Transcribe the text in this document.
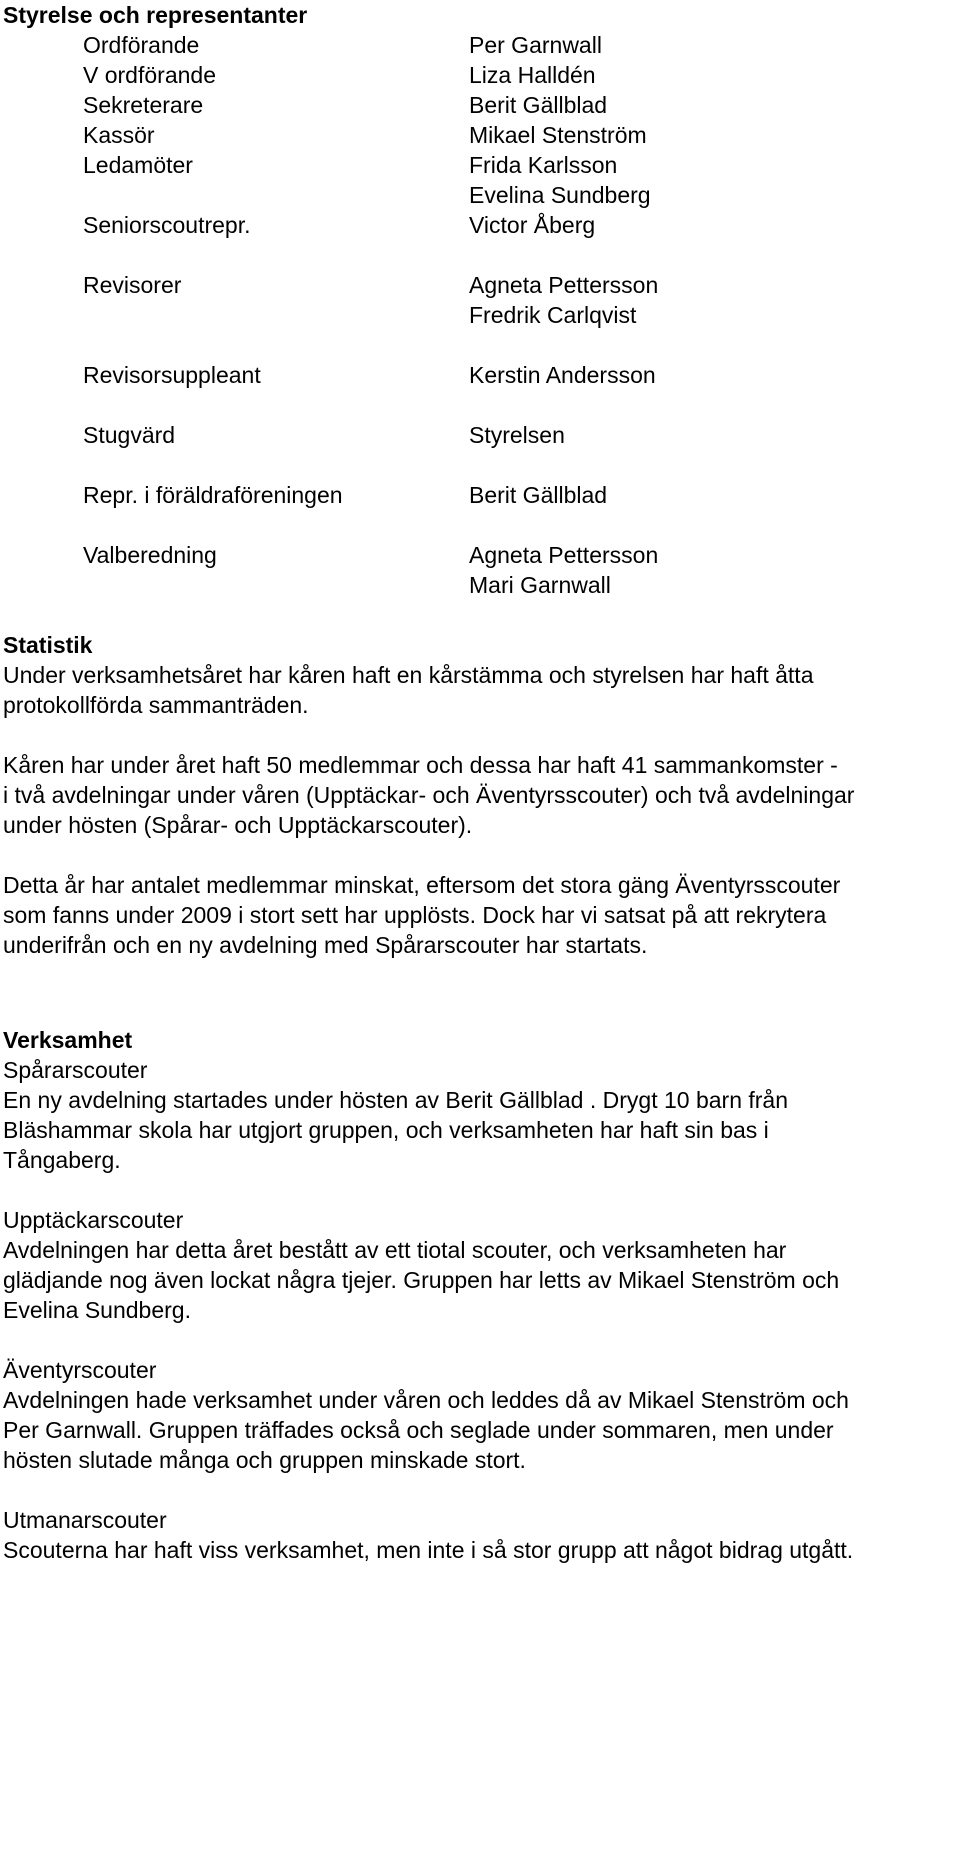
Styrelse och representanter
Ordförande	Per Garnwall
V ordförande	Liza Halldén
Sekreterare	Berit Gällblad
Kassör	Mikael Stenström
Ledamöter	Frida Karlsson
Evelina Sundberg
Seniorscoutrepr.	Victor Åberg
Revisorer	Agneta Pettersson
Fredrik Carlqvist
Revisorsuppleant	Kerstin Andersson
Stugvärd	Styrelsen
Repr. i föräldraföreningen	Berit Gällblad
Valberedning	Agneta Pettersson
Mari Garnwall
Statistik
Under verksamhetsåret har kåren haft en kårstämma och styrelsen har haft åtta
protokollförda sammanträden.
Kåren har under året haft 50 medlemmar och dessa har haft 41 sammankomster -
i två avdelningar under våren (Upptäckar- och Äventyrsscouter) och två avdelningar
under hösten (Spårar- och Upptäckarscouter).
Detta år har antalet medlemmar minskat, eftersom det stora gäng Äventyrsscouter
som fanns under 2009 i stort sett har upplösts. Dock har vi satsat på att rekrytera
underifrån och en ny avdelning med Spårarscouter har startats.
Verksamhet
Spårarscouter
En ny avdelning startades under hösten av Berit Gällblad . Drygt 10 barn från
Bläshammar skola har utgjort gruppen, och verksamheten har haft sin bas i
Tångaberg.
Upptäckarscouter
Avdelningen har detta året bestått av ett tiotal scouter, och verksamheten har
glädjande nog även lockat några tjejer. Gruppen har letts av Mikael Stenström och
Evelina Sundberg.
Äventyrscouter
Avdelningen hade verksamhet under våren och leddes då av Mikael Stenström och
Per Garnwall. Gruppen träffades också och seglade under sommaren, men under
hösten slutade många och gruppen minskade stort.
Utmanarscouter
Scouterna har haft viss verksamhet, men inte i så stor grupp att något bidrag utgått.
